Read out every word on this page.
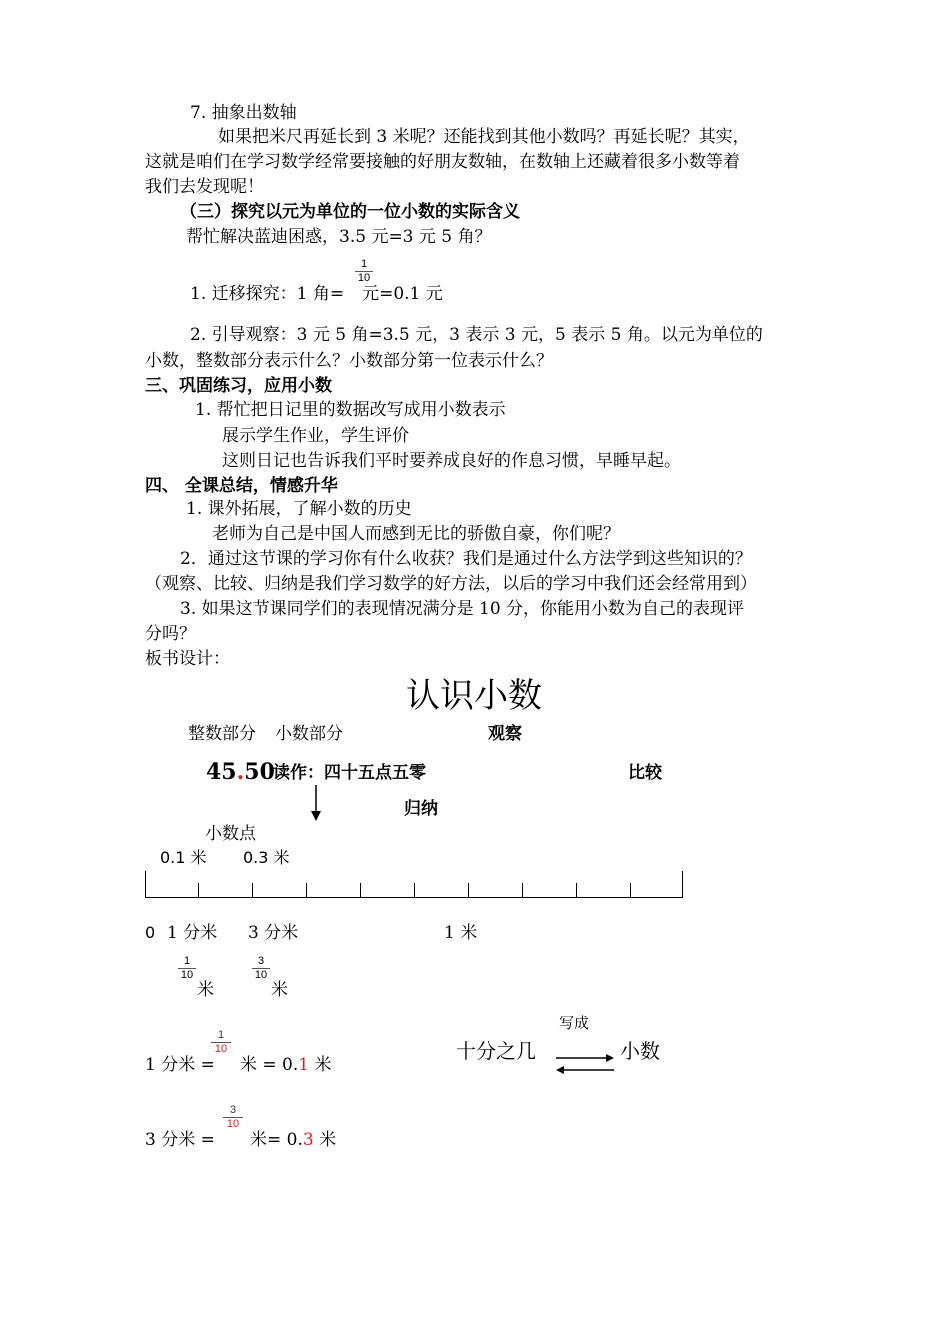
7. 抽象出数轴
如果把米尺再延长到 3 米呢？还能找到其他小数吗？再延长呢？其实，
这就是咱们在学习数学经常要接触的好朋友数轴，在数轴上还藏着很多小数等着
我们去发现呢！
（三）探究以元为单位的一位小数的实际含义
帮忙解决蓝迪困惑，3.5 元=3 元 5 角？
1. 迁移探究：1 角= 元=0.1 元
1
10
2. 引导观察：3 元 5 角=3.5 元，3 表示 3 元，5 表示 5 角。以元为单位的
小数，整数部分表示什么？小数部分第一位表示什么？
三、巩固练习，应用小数
1. 帮忙把日记里的数据改写成用小数表示
展示学生作业，学生评价
这则日记也告诉我们平时要养成良好的作息习惯，早睡早起。
四、 全课总结，情感升华
1. 课外拓展，了解小数的历史
老师为自己是中国人而感到无比的骄傲自豪，你们呢？
2．通过这节课的学习你有什么收获？我们是通过什么方法学到这些知识的？
（观察、比较、归纳是我们学习数学的好方法，以后的学习中我们还会经常用到）
3. 如果这节课同学们的表现情况满分是 10 分，你能用小数为自己的表现评
分吗？
板书设计：
认识小数
整数部分 小数部分	观察
45.50
读作：四十五点五零	比较
归纳
小数点
0.1 米 0.3 米
0 1 分米 3 分米	1 米
1
10
米
3
10
米
写成
十分之几	小数
1 分米 =
1
10
米 = 0.1 米
3 分米 =
3
10
米= 0.3 米
